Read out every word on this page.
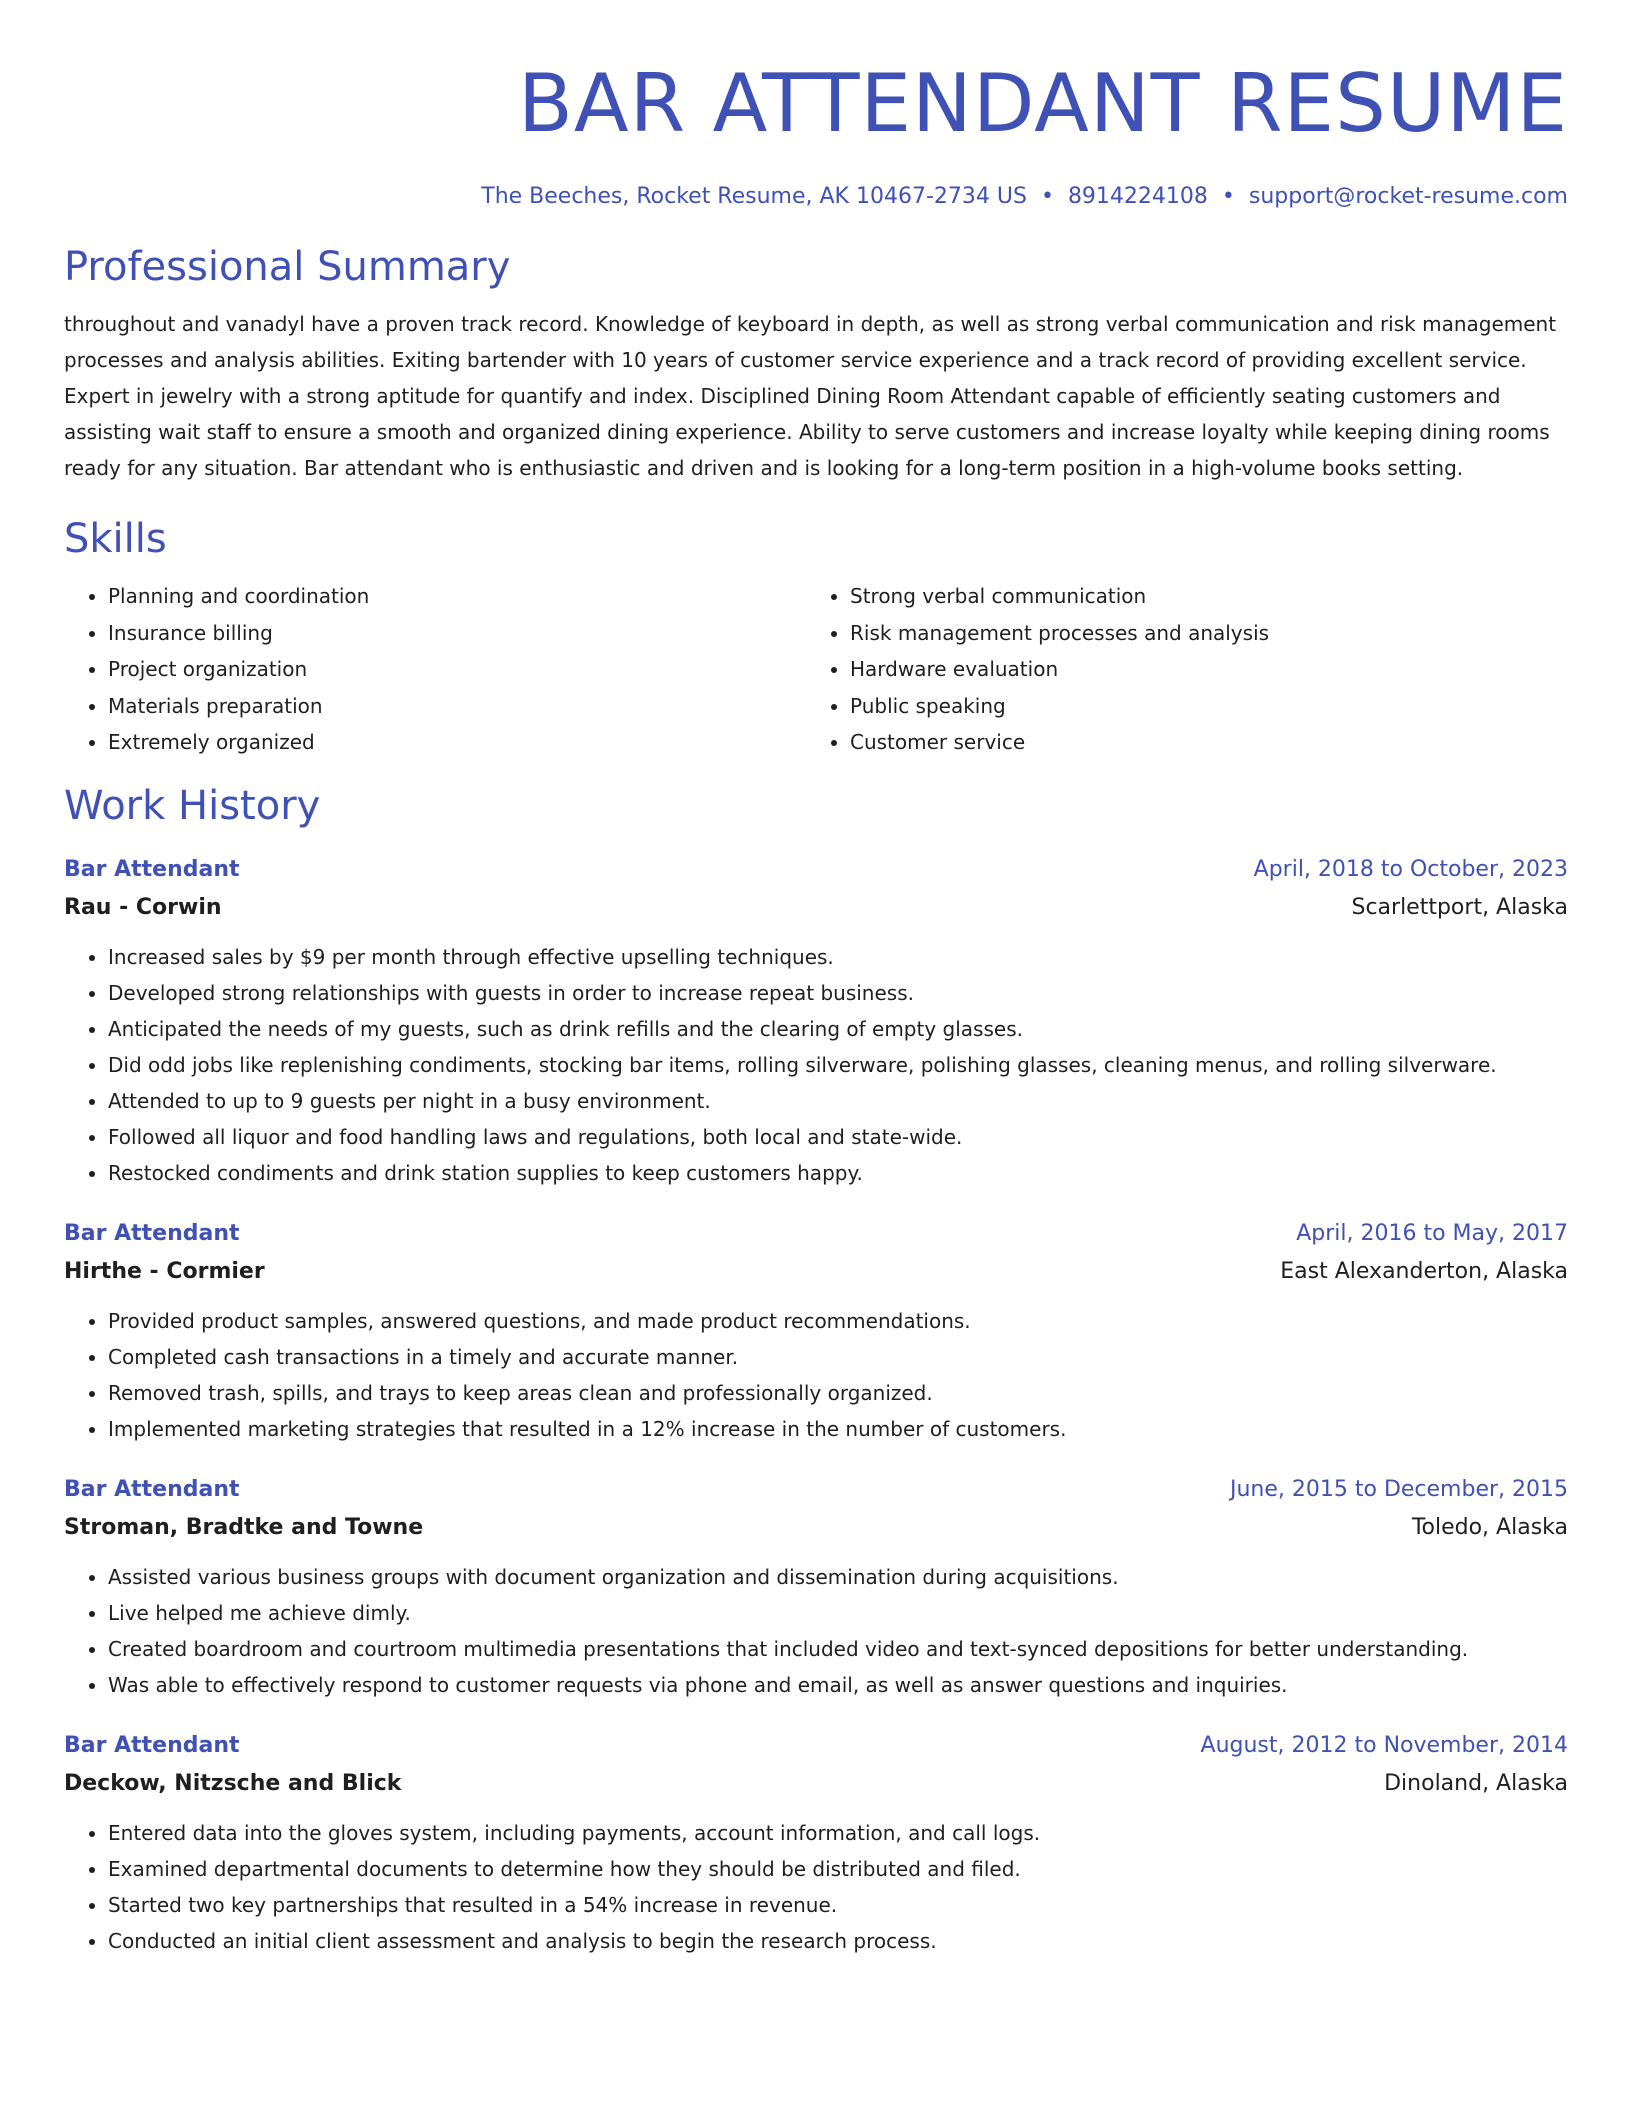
BAR ATTENDANT RESUME
The Beeches, Rocket Resume, AK 10467-2734 US • 8914224108 • support@rocket-resume.com
Professional Summary
throughout and vanadyl have a proven track record. Knowledge of keyboard in depth, as well as strong verbal communication and risk management processes and analysis abilities. Exiting bartender with 10 years of customer service experience and a track record of providing excellent service. Expert in jewelry with a strong aptitude for quantify and index. Disciplined Dining Room Attendant capable of efficiently seating customers and assisting wait staff to ensure a smooth and organized dining experience. Ability to serve customers and increase loyalty while keeping dining rooms ready for any situation. Bar attendant who is enthusiastic and driven and is looking for a long-term position in a high-volume books setting.
Skills
• Planning and coordination
• Insurance billing
• Project organization
• Materials preparation
• Extremely organized
• Strong verbal communication
• Risk management processes and analysis
• Hardware evaluation
• Public speaking
• Customer service
Work History
Bar Attendant	April, 2018 to October, 2023
Rau - Corwin	Scarlettport, Alaska
• Increased sales by $9 per month through effective upselling techniques.
• Developed strong relationships with guests in order to increase repeat business.
• Anticipated the needs of my guests, such as drink refills and the clearing of empty glasses.
• Did odd jobs like replenishing condiments, stocking bar items, rolling silverware, polishing glasses, cleaning menus, and rolling silverware.
• Attended to up to 9 guests per night in a busy environment.
• Followed all liquor and food handling laws and regulations, both local and state-wide.
• Restocked condiments and drink station supplies to keep customers happy.
Bar Attendant	April, 2016 to May, 2017
Hirthe - Cormier	East Alexanderton, Alaska
• Provided product samples, answered questions, and made product recommendations.
• Completed cash transactions in a timely and accurate manner.
• Removed trash, spills, and trays to keep areas clean and professionally organized.
• Implemented marketing strategies that resulted in a 12% increase in the number of customers.
Bar Attendant	June, 2015 to December, 2015
Stroman, Bradtke and Towne	Toledo, Alaska
• Assisted various business groups with document organization and dissemination during acquisitions.
• Live helped me achieve dimly.
• Created boardroom and courtroom multimedia presentations that included video and text-synced depositions for better understanding.
• Was able to effectively respond to customer requests via phone and email, as well as answer questions and inquiries.
Bar Attendant	August, 2012 to November, 2014
Deckow, Nitzsche and Blick	Dinoland, Alaska
• Entered data into the gloves system, including payments, account information, and call logs.
• Examined departmental documents to determine how they should be distributed and filed.
• Started two key partnerships that resulted in a 54% increase in revenue.
• Conducted an initial client assessment and analysis to begin the research process.
